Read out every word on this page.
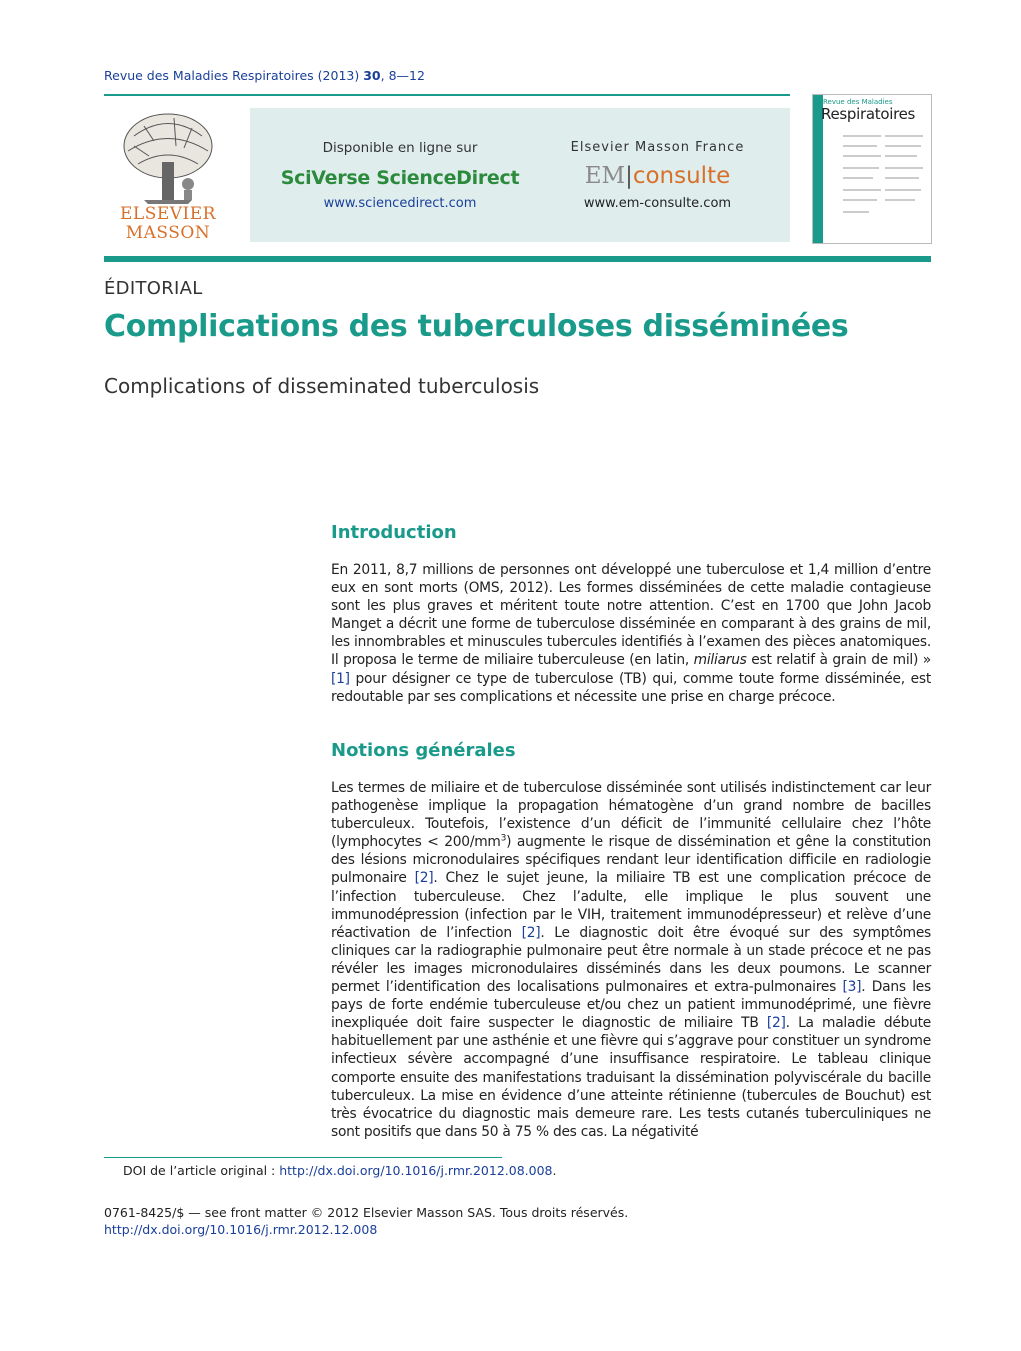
Revue des Maladies Respiratoires (2013) 30, 8—12
ELSEVIER
MASSON
Disponible en ligne sur
SciVerse ScienceDirect
www.sciencedirect.com
Elsevier Masson France
EM|consulte
www.em-consulte.com
Revue des Maladies
Respiratoires
ÉDITORIAL
Complications des tuberculoses disséminées
Complications of disseminated tuberculosis
Introduction
En 2011, 8,7 millions de personnes ont développé une tuberculose et 1,4 million d’entre eux en sont morts (OMS, 2012). Les formes disséminées de cette maladie contagieuse sont les plus graves et méritent toute notre attention. C’est en 1700 que John Jacob Manget a décrit une forme de tuberculose disséminée en comparant à des grains de mil, les innombrables et minuscules tubercules identifiés à l’examen des pièces anatomiques. Il proposa le terme de miliaire tuberculeuse (en latin, miliarus est relatif à grain de mil) » [1] pour désigner ce type de tuberculose (TB) qui, comme toute forme disséminée, est redoutable par ses complications et nécessite une prise en charge précoce.
Notions générales
Les termes de miliaire et de tuberculose disséminée sont utilisés indistinctement car leur pathogenèse implique la propagation hématogène d’un grand nombre de bacilles tuberculeux. Toutefois, l’existence d’un déficit de l’immunité cellulaire chez l’hôte (lymphocytes < $200/mm^3$) augmente le risque de dissémination et gêne la constitution des lésions micronodulaires spécifiques rendant leur identification difficile en radiologie pulmonaire [2]. Chez le sujet jeune, la miliaire TB est une complication précoce de l’infection tuberculeuse. Chez l’adulte, elle implique le plus souvent une immunodépression (infection par le VIH, traitement immunodépresseur) et relève d’une réactivation de l’infection [2]. Le diagnostic doit être évoqué sur des symptômes cliniques car la radiographie pulmonaire peut être normale à un stade précoce et ne pas révéler les images micronodulaires disséminés dans les deux poumons. Le scanner permet l’identification des localisations pulmonaires et extra-pulmonaires [3]. Dans les pays de forte endémie tuberculeuse et/ou chez un patient immunodéprimé, une fièvre inexpliquée doit faire suspecter le diagnostic de miliaire TB [2]. La maladie débute habituellement par une asthénie et une fièvre qui s’aggrave pour constituer un syndrome infectieux sévère accompagné d’une insuffisance respiratoire. Le tableau clinique comporte ensuite des manifestations traduisant la dissémination polyviscérale du bacille tuberculeux. La mise en évidence d’une atteinte rétinienne (tubercules de Bouchut) est très évocatrice du diagnostic mais demeure rare. Les tests cutanés tuberculiniques ne sont positifs que dans 50 à 75 % des cas. La négativité
DOI de l’article original : http://dx.doi.org/10.1016/j.rmr.2012.08.008.
0761-8425/$ — see front matter © 2012 Elsevier Masson SAS. Tous droits réservés.
http://dx.doi.org/10.1016/j.rmr.2012.12.008
